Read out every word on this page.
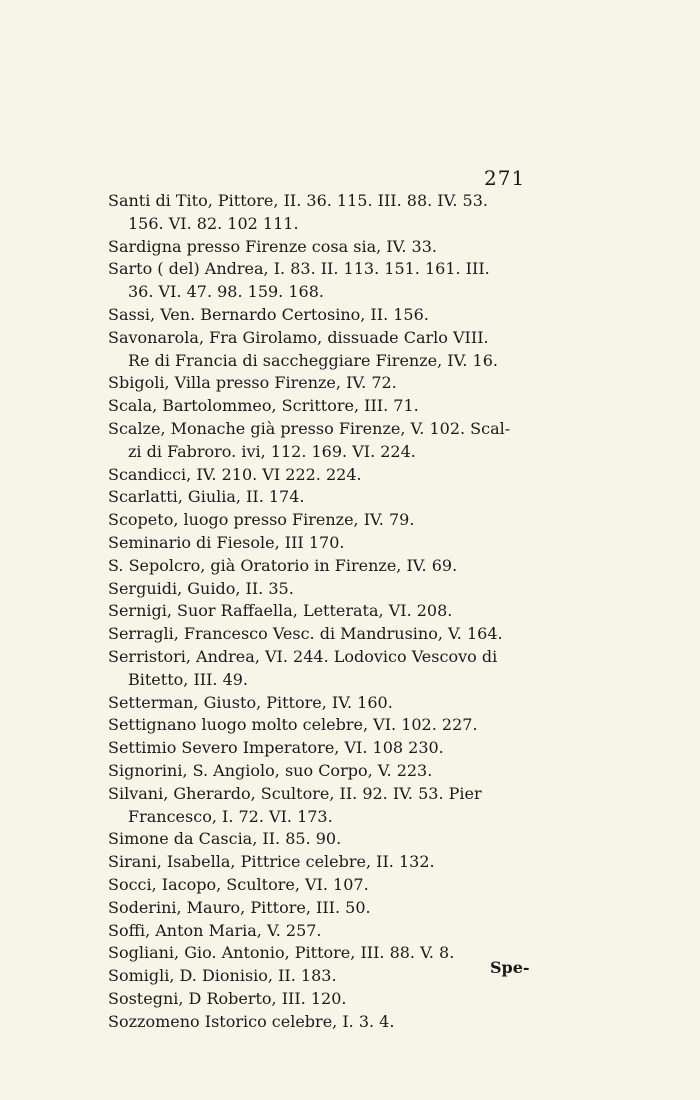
271
Santi di Tito, Pittore, II. 36. 115. III. 88. IV. 53.
156. VI. 82. 102 111.
Sardigna presso Firenze cosa sia, IV. 33.
Sarto ( del) Andrea, I. 83. II. 113. 151. 161. III.
36. VI. 47. 98. 159. 168.
Sassi, Ven. Bernardo Certosino, II. 156.
Savonarola, Fra Girolamo, dissuade Carlo VIII.
Re di Francia di saccheggiare Firenze, IV. 16.
Sbigoli, Villa presso Firenze, IV. 72.
Scala, Bartolommeo, Scrittore, III. 71.
Scalze, Monache già presso Firenze, V. 102. Scal-
zi di Fabroro. ivi, 112. 169. VI. 224.
Scandicci, IV. 210. VI 222. 224.
Scarlatti, Giulia, II. 174.
Scopeto, luogo presso Firenze, IV. 79.
Seminario di Fiesole, III 170.
S. Sepolcro, già Oratorio in Firenze, IV. 69.
Serguidi, Guido, II. 35.
Sernigi, Suor Raffaella, Letterata, VI. 208.
Serragli, Francesco Vesc. di Mandrusino, V. 164.
Serristori, Andrea, VI. 244. Lodovico Vescovo di
Bitetto, III. 49.
Setterman, Giusto, Pittore, IV. 160.
Settignano luogo molto celebre, VI. 102. 227.
Settimio Severo Imperatore, VI. 108 230.
Signorini, S. Angiolo, suo Corpo, V. 223.
Silvani, Gherardo, Scultore, II. 92. IV. 53. Pier
Francesco, I. 72. VI. 173.
Simone da Cascia, II. 85. 90.
Sirani, Isabella, Pittrice celebre, II. 132.
Socci, Iacopo, Scultore, VI. 107.
Soderini, Mauro, Pittore, III. 50.
Soffi, Anton Maria, V. 257.
Sogliani, Gio. Antonio, Pittore, III. 88. V. 8.
Somigli, D. Dionisio, II. 183.
Sostegni, D Roberto, III. 120.
Sozzomeno Istorico celebre, I. 3. 4.
Spe-
